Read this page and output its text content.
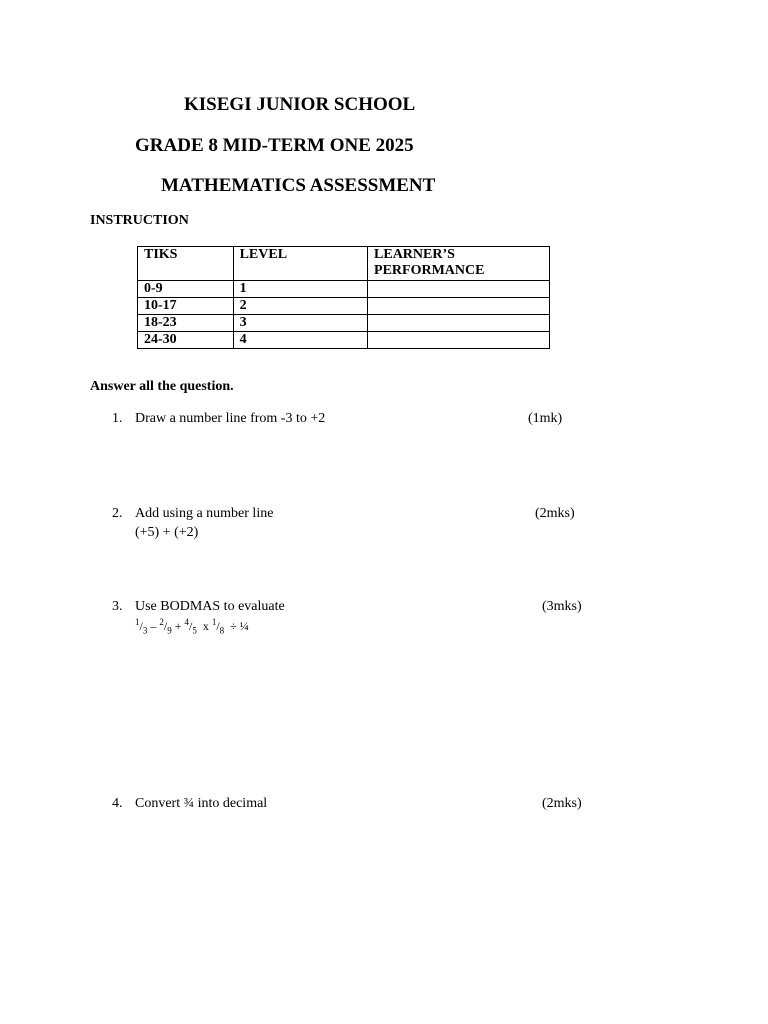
KISEGI JUNIOR SCHOOL
GRADE 8 MID-TERM ONE 2025
MATHEMATICS ASSESSMENT
INSTRUCTION
TIKS	LEVEL	LEARNER’S PERFORMANCE
0-9	1	
10-17	2	
18-23	3	
24-30	4	
Answer all the question.
1. Draw a number line from -3 to +2	(1mk)
2. Add using a number line	(2mks)
(+5) + (+2)
3. Use BODMAS to evaluate	(3mks)
$^1/_3 - ^2/_9 + ^4/_5$ x $^1/_8$ ÷ ¼
4. Convert ¾ into decimal	(2mks)
